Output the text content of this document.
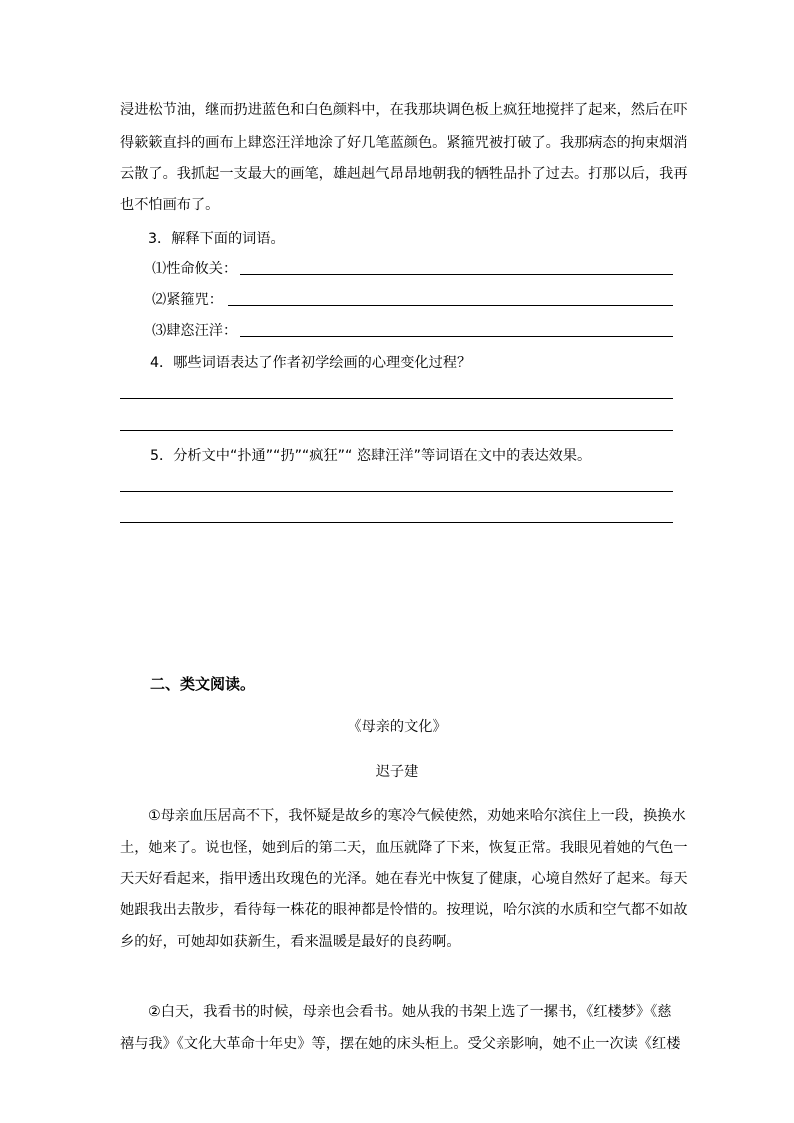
浸进松节油，继而扔进蓝色和白色颜料中，在我那块调色板上疯狂地搅拌了起来，然后在吓
得簌簌直抖的画布上肆恣汪洋地涂了好几笔蓝颜色。紧箍咒被打破了。我那病态的拘束烟消
云散了。我抓起一支最大的画笔，雄赳赳气昂昂地朝我的牺牲品扑了过去。打那以后，我再
也不怕画布了。
3．解释下面的词语。
⑴性命攸关：
⑵紧箍咒：
⑶肆恣汪洋：
4．哪些词语表达了作者初学绘画的心理变化过程？
5．分析文中“扑通”“扔”“疯狂”“ 恣肆汪洋”等词语在文中的表达效果。
二、类文阅读。
《母亲的文化》
迟子建
①母亲血压居高不下，我怀疑是故乡的寒冷气候使然，劝她来哈尔滨住上一段，换换水
土，她来了。说也怪，她到后的第二天，血压就降了下来，恢复正常。我眼见着她的气色一
天天好看起来，指甲透出玫瑰色的光泽。她在春光中恢复了健康，心境自然好了起来。每天
她跟我出去散步，看待每一株花的眼神都是怜惜的。按理说，哈尔滨的水质和空气都不如故
乡的好，可她却如获新生，看来温暖是最好的良药啊。
②白天，我看书的时候，母亲也会看书。她从我的书架上选了一摞书，《红楼梦》《慈
禧与我》《文化大革命十年史》等，摆在她的床头柜上。受父亲影响，她不止一次读《红楼
